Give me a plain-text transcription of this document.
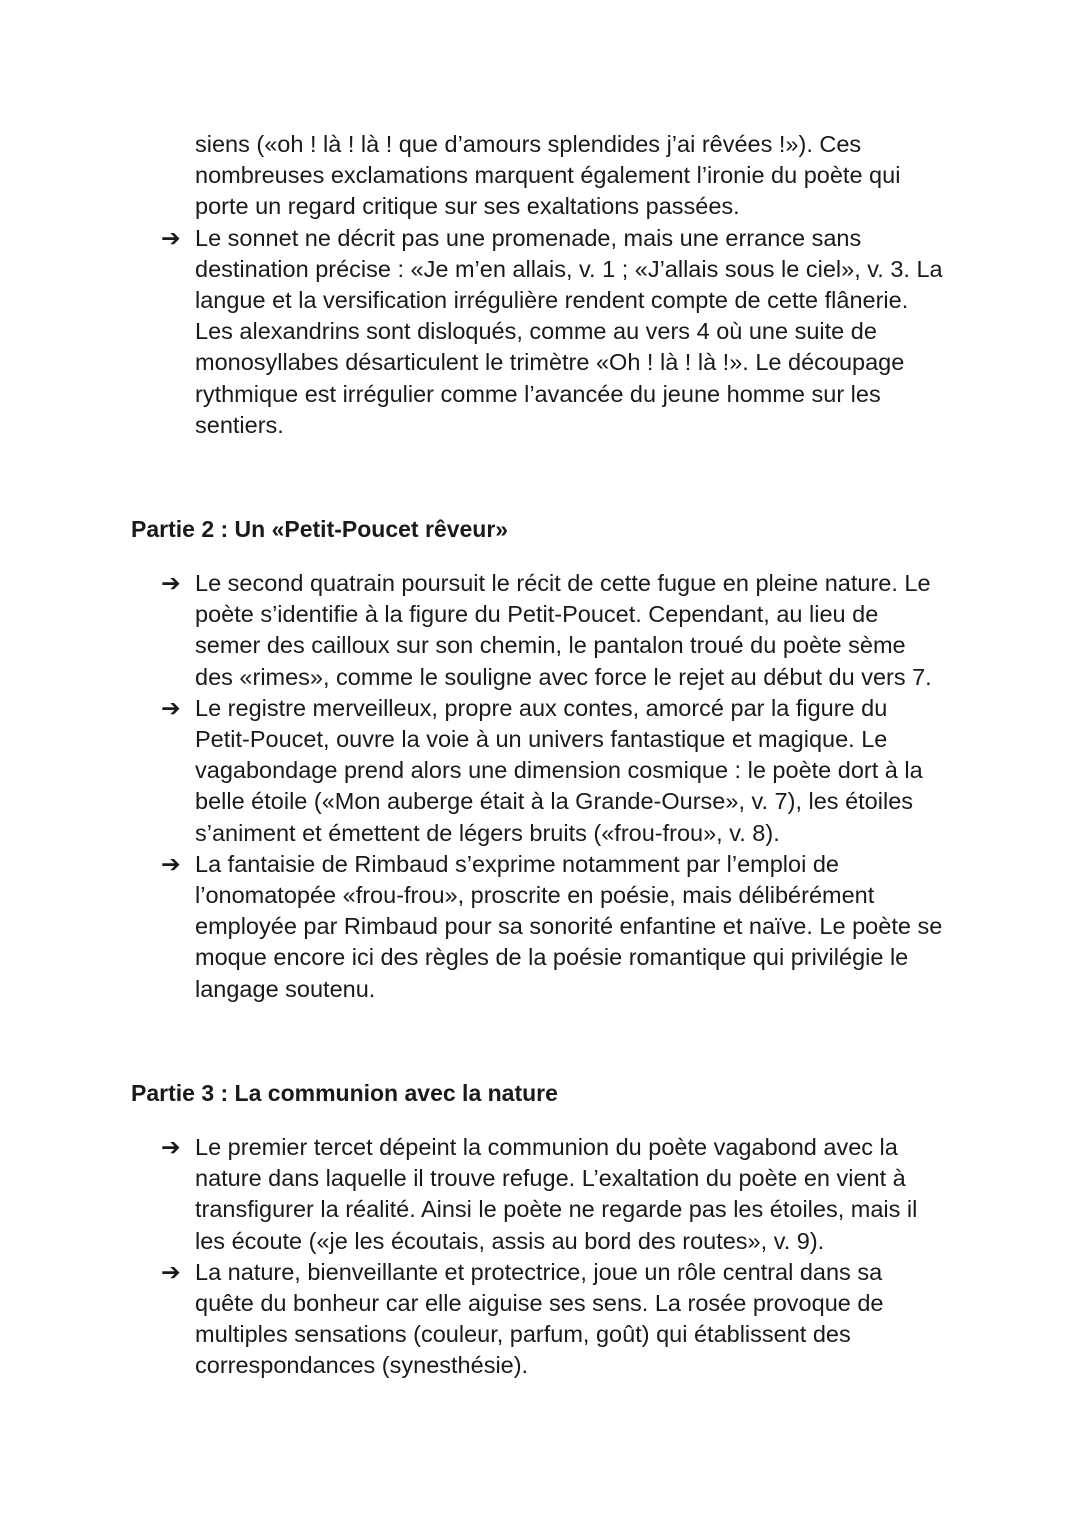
siens («oh ! là ! là ! que d’amours splendides j’ai rêvées !»). Ces

nombreuses exclamations marquent également l’ironie du poète qui

porte un regard critique sur ses exaltations passées.

➔ Le sonnet ne décrit pas une promenade, mais une errance sans

destination précise : «Je m’en allais, v. 1 ; «J’allais sous le ciel», v. 3. La

langue et la versification irrégulière rendent compte de cette flânerie.

Les alexandrins sont disloqués, comme au vers 4 où une suite de

monosyllabes désarticulent le trimètre «Oh ! là ! là !». Le découpage

rythmique est irrégulier comme l’avancée du jeune homme sur les

sentiers.

Partie 2 : Un «Petit-Poucet rêveur»
➔ Le second quatrain poursuit le récit de cette fugue en pleine nature. Le

poète s’identifie à la figure du Petit-Poucet. Cependant, au lieu de

semer des cailloux sur son chemin, le pantalon troué du poète sème

des «rimes», comme le souligne avec force le rejet au début du vers 7.

➔ Le registre merveilleux, propre aux contes, amorcé par la figure du

Petit-Poucet, ouvre la voie à un univers fantastique et magique. Le

vagabondage prend alors une dimension cosmique : le poète dort à la

belle étoile («Mon auberge était à la Grande-Ourse», v. 7), les étoiles

s’animent et émettent de légers bruits («frou-frou», v. 8).

➔ La fantaisie de Rimbaud s’exprime notamment par l’emploi de

l’onomatopée «frou-frou», proscrite en poésie, mais délibérément

employée par Rimbaud pour sa sonorité enfantine et naïve. Le poète se

moque encore ici des règles de la poésie romantique qui privilégie le

langage soutenu.

Partie 3 : La communion avec la nature
➔ Le premier tercet dépeint la communion du poète vagabond avec la

nature dans laquelle il trouve refuge. L’exaltation du poète en vient à

transfigurer la réalité. Ainsi le poète ne regarde pas les étoiles, mais il

les écoute («je les écoutais, assis au bord des routes», v. 9).

➔ La nature, bienveillante et protectrice, joue un rôle central dans sa

quête du bonheur car elle aiguise ses sens. La rosée provoque de

multiples sensations (couleur, parfum, goût) qui établissent des

correspondances (synesthésie).
